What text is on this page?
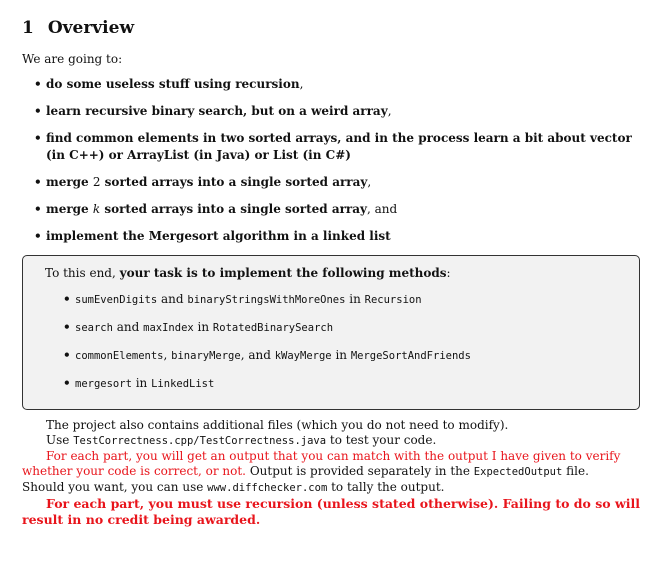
1 Overview

We are going to:

• do some useless stuff using recursion,
• learn recursive binary search, but on a weird array,
• find common elements in two sorted arrays, and in the process learn a bit about vector (in C++) or ArrayList (in Java) or List (in C#)
• merge 2 sorted arrays into a single sorted array,
• merge k sorted arrays into a single sorted array, and
• implement the Mergesort algorithm in a linked list

To this end, your task is to implement the following methods:

• sumEvenDigits and binaryStringsWithMoreOnes in Recursion
• search and maxIndex in RotatedBinarySearch
• commonElements, binaryMerge, and kWayMerge in MergeSortAndFriends
• mergesort in LinkedList
The project also contains additional files (which you do not need to modify).
Use TestCorrectness.cpp/TestCorrectness.java to test your code.
For each part, you will get an output that you can match with the output I have given to verify whether your code is correct, or not. Output is provided separately in the ExpectedOutput file.
Should you want, you can use www.diffchecker.com to tally the output.
For each part, you must use recursion (unless stated otherwise). Failing to do so will result in no credit being awarded.
